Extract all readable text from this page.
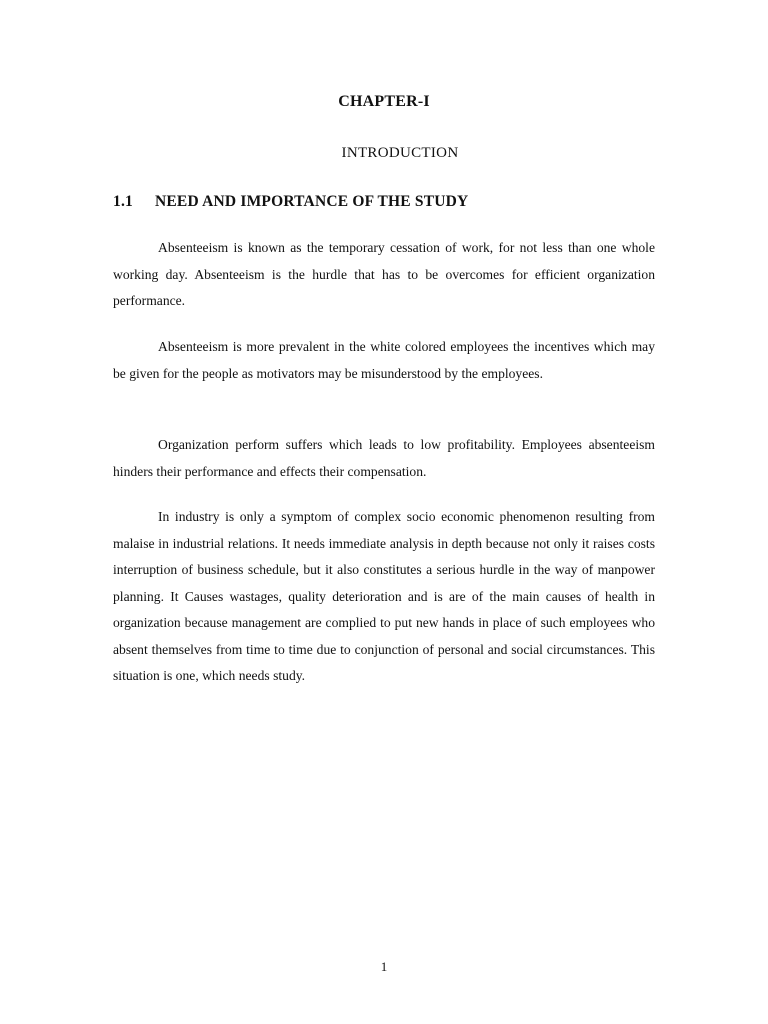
CHAPTER-I
INTRODUCTION
1.1 NEED AND IMPORTANCE OF THE STUDY

Absenteeism is known as the temporary cessation of work, for not less than one whole working day. Absenteeism is the hurdle that has to be overcomes for efficient organization performance.

Absenteeism is more prevalent in the white colored employees the incentives which may be given for the people as motivators may be misunderstood by the employees.

Organization perform suffers which leads to low profitability. Employees absenteeism hinders their performance and effects their compensation.

In industry is only a symptom of complex socio economic phenomenon resulting from malaise in industrial relations. It needs immediate analysis in depth because not only it raises costs interruption of business schedule, but it also constitutes a serious hurdle in the way of manpower planning. It Causes wastages, quality deterioration and is are of the main causes of health in organization because management are complied to put new hands in place of such employees who absent themselves from time to time due to conjunction of personal and social circumstances. This situation is one, which needs study.

1
